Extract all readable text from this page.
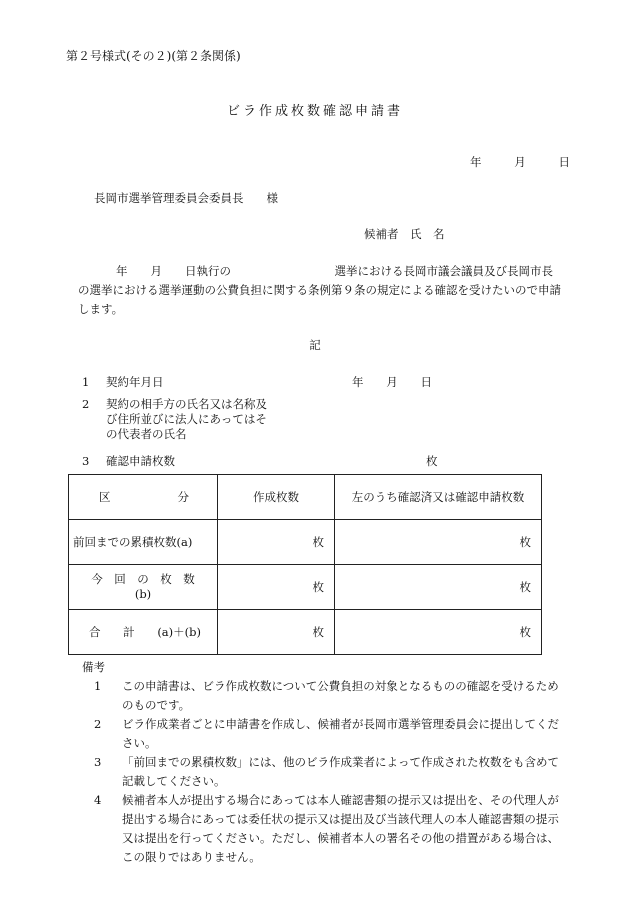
第２号様式(その２)(第２条関係)
ビラ作成枚数確認申請書
年	月	日
長岡市選挙管理委員会委員長　　様
候補者　氏　名
年　　月　　日執行の　　　　　　　　　選挙における長岡市議会議員及び長岡市長の選挙における選挙運動の公費負担に関する条例第９条の規定による確認を受けたいので申請します。
記
1 契約年月日	年 月 日
2	契約の相手方の氏名又は名称及び住所並びに法人にあってはその代表者の氏名
3 確認申請枚数	枚
区 分	作成枚数	左のうち確認済又は確認申請枚数
前回までの累積枚数(a)	枚	枚

今　回　の　枚　数
(b)	枚	枚

合 計 (a)＋(b)	枚	枚
備考
1	この申請書は、ビラ作成枚数について公費負担の対象となるものの確認を受けるためのものです。
2	ビラ作成業者ごとに申請書を作成し、候補者が長岡市選挙管理委員会に提出してください。
3	「前回までの累積枚数」には、他のビラ作成業者によって作成された枚数をも含めて記載してください。
4	候補者本人が提出する場合にあっては本人確認書類の提示又は提出を、その代理人が提出する場合にあっては委任状の提示又は提出及び当該代理人の本人確認書類の提示又は提出を行ってください。ただし、候補者本人の署名その他の措置がある場合は、この限りではありません。
